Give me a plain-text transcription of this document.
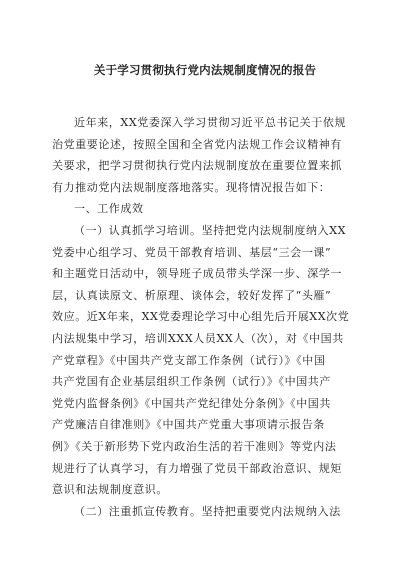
关于学习贯彻执行党内法规制度情况的报告

近年来，XX党委深入学习贯彻习近平总书记关于依规
治党重要论述，按照全国和全省党内法规工作会议精神有
关要求，把学习贯彻执行党内法规制度放在重要位置来抓
有力推动党内法规制度落地落实。现将情况报告如下：

一、工作成效

（一）认真抓学习培训。坚持把党内法规制度纳入XX
党委中心组学习、党员干部教育培训、基层“三会一课”
和主题党日活动中，领导班子成员带头学深一步、深学一
层，认真读原文、析原理、谈体会，较好发挥了“头雁”
效应。近X年来，XX党委理论学习中心组先后开展XX次党
内法规集中学习，培训XXX人员XX人（次），对《中国共
产党章程》《中国共产党支部工作条例（试行）》《中国
共产党国有企业基层组织工作条例（试行）》《中国共产
党党内监督条例》《中国共产党纪律处分条例》《中国共
产党廉洁自律准则》《中国共产党重大事项请示报告条
例》《关于新形势下党内政治生活的若干准则》等党内法
规进行了认真学习，有力增强了党员干部政治意识、规矩
意识和法规制度意识。

（二）注重抓宣传教育。坚持把重要党内法规纳入法
